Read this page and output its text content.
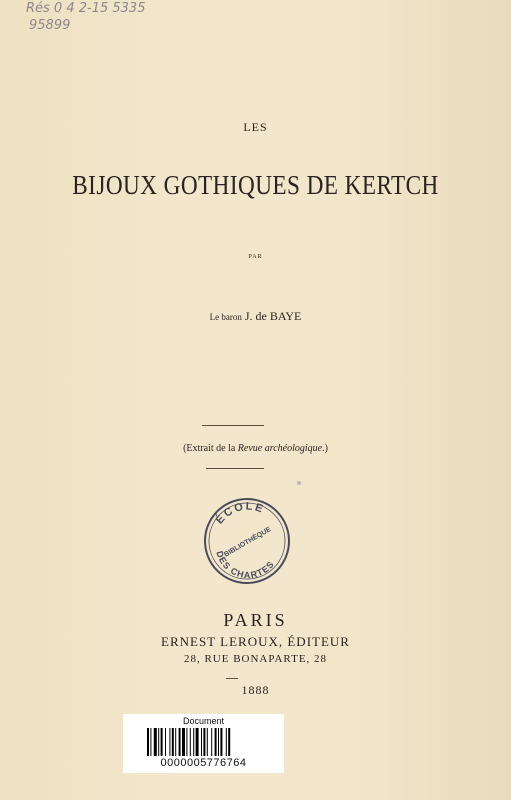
Rés 0 4 2-15 5335
95899
LES
BIJOUX GOTHIQUES DE KERTCH
PAR
Le baron J. de BAYE
(Extrait de la Revue archéologique.)
ÉCOLE
BIBLIOTHÈQUE
DES CHARTES
PARIS
ERNEST LEROUX, ÉDITEUR
28, RUE BONAPARTE, 28
1888
Document
0000005776764
